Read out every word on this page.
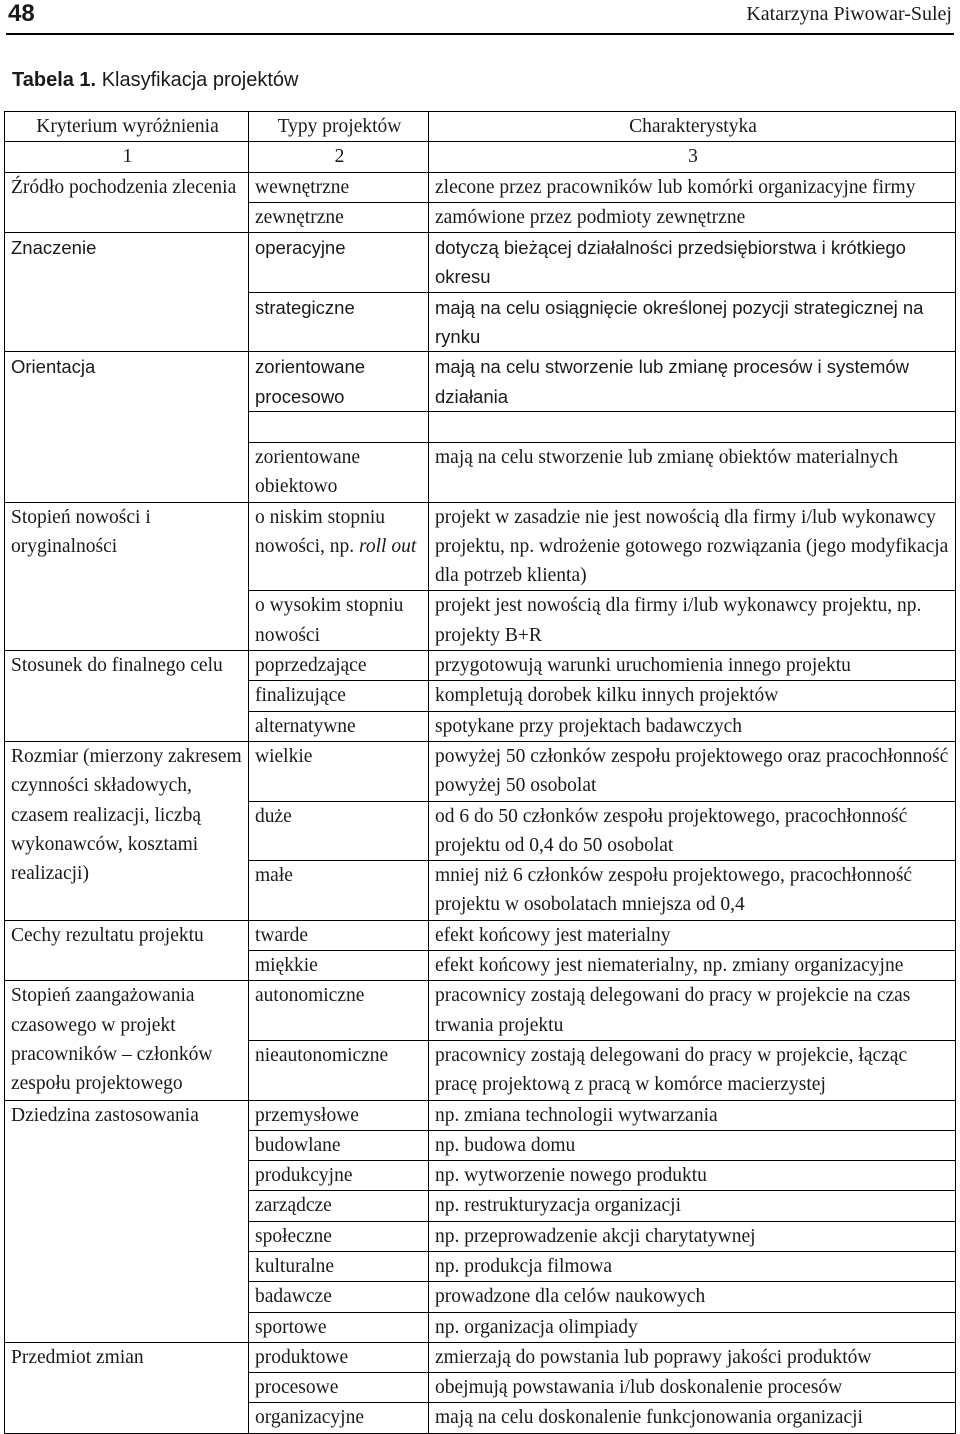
48	Katarzyna Piwowar-Sulej
Tabela 1. Klasyfikacja projektów
Kryterium wyróżnienia	Typy projektów	Charakterystyka
1	2	3
Źródło pochodzenia zlecenia	wewnętrzne	zlecone przez pracowników lub komórki organizacyjne firmy
	zewnętrzne	zamówione przez podmioty zewnętrzne
Znaczenie	operacyjne	dotyczą bieżącej działalności przedsiębiorstwa i krótkiego okresu
	strategiczne	mają na celu osiągnięcie określonej pozycji strategicznej na rynku
Orientacja	zorientowane procesowo	mają na celu stworzenie lub zmianę procesów i systemów działania

	zorientowane obiektowo	mają na celu stworzenie lub zmianę obiektów materialnych
Stopień nowości i oryginalności	o niskim stopniu nowości, np. roll out	projekt w zasadzie nie jest nowością dla firmy i/lub wykonawcy projektu, np. wdrożenie gotowego rozwiązania (jego modyfikacja dla potrzeb klienta)
	o wysokim stopniu nowości	projekt jest nowością dla firmy i/lub wykonawcy projektu, np. projekty B+R
Stosunek do finalnego celu	poprzedzające	przygotowują warunki uruchomienia innego projektu
	finalizujące	kompletują dorobek kilku innych projektów
	alternatywne	spotykane przy projektach badawczych
Rozmiar (mierzony zakresem czynności składowych, czasem realizacji, liczbą wykonawców, kosztami realizacji)	wielkie	powyżej 50 członków zespołu projektowego oraz pracochłonność powyżej 50 osobolat
	duże	od 6 do 50 członków zespołu projektowego, pracochłonność projektu od 0,4 do 50 osobolat
	małe	mniej niż 6 członków zespołu projektowego, pracochłonność projektu w osobolatach mniejsza od 0,4
Cechy rezultatu projektu	twarde	efekt końcowy jest materialny
	miękkie	efekt końcowy jest niematerialny, np. zmiany organizacyjne
Stopień zaangażowania czasowego w projekt pracowników – członków zespołu projektowego	autonomiczne	pracownicy zostają delegowani do pracy w projekcie na czas trwania projektu
	nieautonomiczne	pracownicy zostają delegowani do pracy w projekcie, łącząc pracę projektową z pracą w komórce macierzystej
Dziedzina zastosowania	przemysłowe	np. zmiana technologii wytwarzania
	budowlane	np. budowa domu
	produkcyjne	np. wytworzenie nowego produktu
	zarządcze	np. restrukturyzacja organizacji
	społeczne	np. przeprowadzenie akcji charytatywnej
	kulturalne	np. produkcja filmowa
	badawcze	prowadzone dla celów naukowych
	sportowe	np. organizacja olimpiady
Przedmiot zmian	produktowe	zmierzają do powstania lub poprawy jakości produktów
	procesowe	obejmują powstawania i/lub doskonalenie procesów
	organizacyjne	mają na celu doskonalenie funkcjonowania organizacji
